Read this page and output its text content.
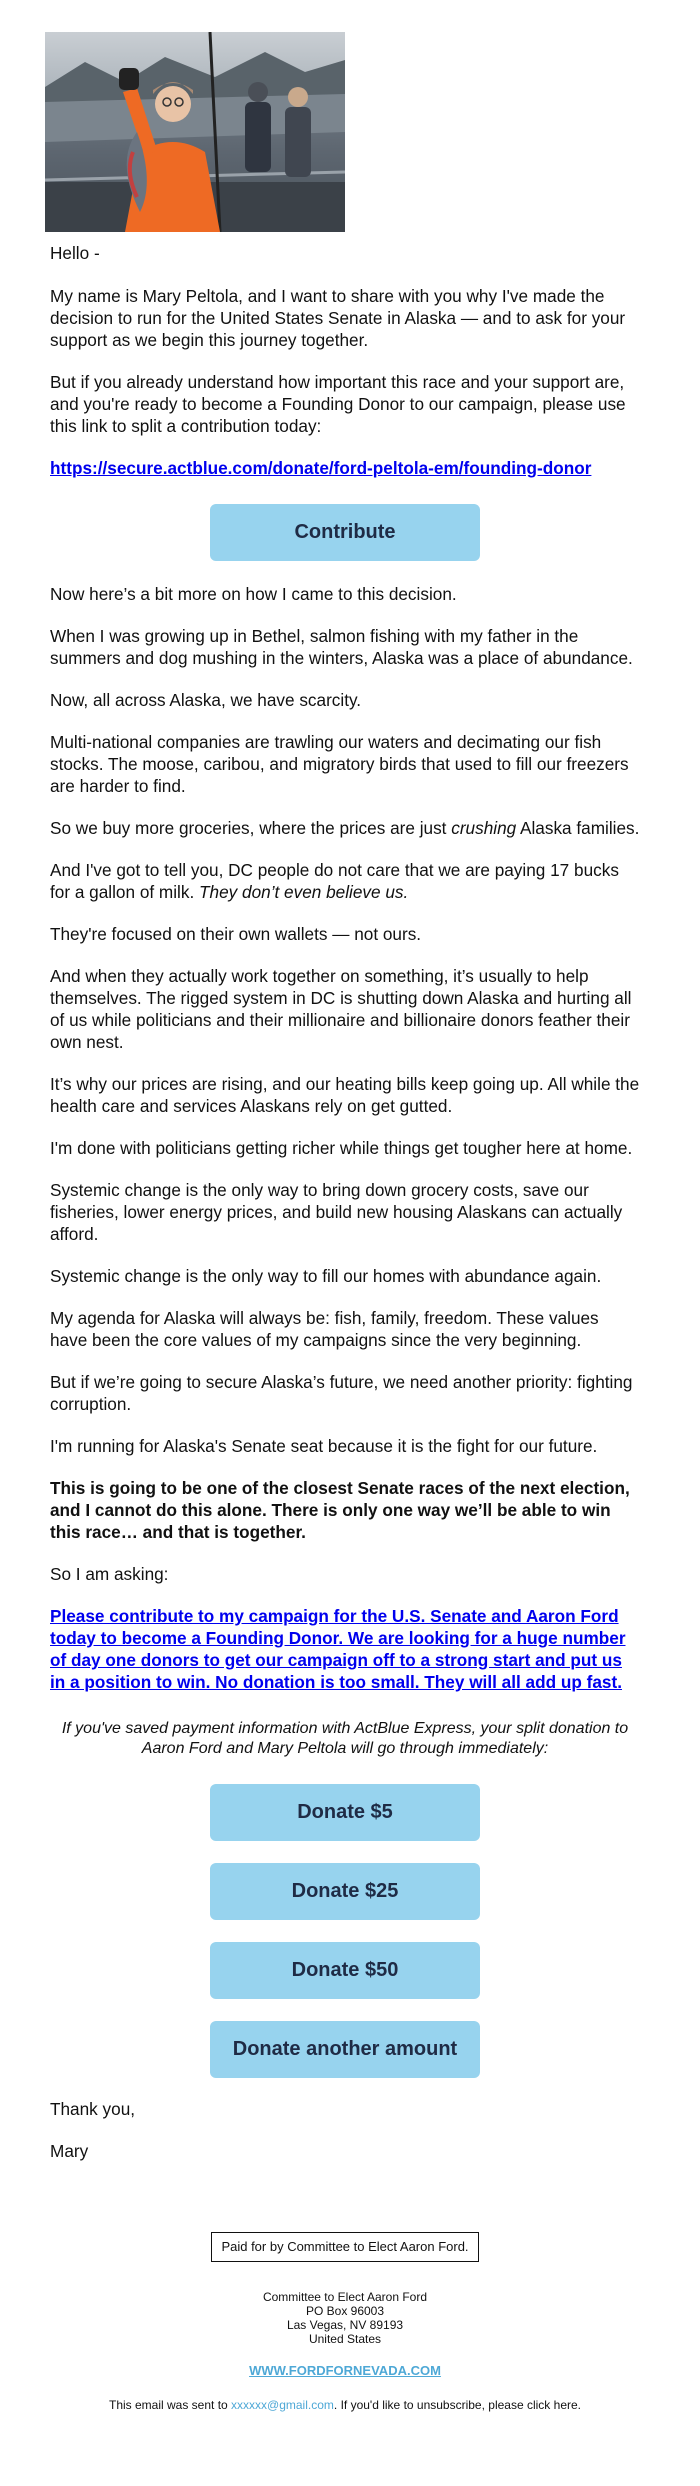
Hello -

My name is Mary Peltola, and I want to share with you why I've made the decision to run for the United States Senate in Alaska — and to ask for your support as we begin this journey together.

But if you already understand how important this race and your support are, and you're ready to become a Founding Donor to our campaign, please use this link to split a contribution today:

https://secure.actblue.com/donate/ford-peltola-em/founding-donor

Contribute

Now here’s a bit more on how I came to this decision.

When I was growing up in Bethel, salmon fishing with my father in the summers and dog mushing in the winters, Alaska was a place of abundance.

Now, all across Alaska, we have scarcity.

Multi-national companies are trawling our waters and decimating our fish stocks. The moose, caribou, and migratory birds that used to fill our freezers are harder to find.

So we buy more groceries, where the prices are just crushing Alaska families.

And I've got to tell you, DC people do not care that we are paying 17 bucks for a gallon of milk. They don’t even believe us.

They're focused on their own wallets — not ours.

And when they actually work together on something, it’s usually to help themselves. The rigged system in DC is shutting down Alaska and hurting all of us while politicians and their millionaire and billionaire donors feather their own nest.

It’s why our prices are rising, and our heating bills keep going up. All while the health care and services Alaskans rely on get gutted.

I'm done with politicians getting richer while things get tougher here at home.

Systemic change is the only way to bring down grocery costs, save our fisheries, lower energy prices, and build new housing Alaskans can actually afford.

Systemic change is the only way to fill our homes with abundance again.

My agenda for Alaska will always be: fish, family, freedom. These values have been the core values of my campaigns since the very beginning.

But if we’re going to secure Alaska’s future, we need another priority: fighting corruption.

I'm running for Alaska's Senate seat because it is the fight for our future.

This is going to be one of the closest Senate races of the next election, and I cannot do this alone. There is only one way we’ll be able to win this race… and that is together.

So I am asking:

Please contribute to my campaign for the U.S. Senate and Aaron Ford today to become a Founding Donor. We are looking for a huge number of day one donors to get our campaign off to a strong start and put us in a position to win. No donation is too small. They will all add up fast.

If you've saved payment information with ActBlue Express, your split donation to Aaron Ford and Mary Peltola will go through immediately:

Donate $5
Donate $25
Donate $50
Donate another amount

Thank you,

Mary

Paid for by Committee to Elect Aaron Ford.
Committee to Elect Aaron Ford
PO Box 96003
Las Vegas, NV 89193
United States
WWW.FORDFORNEVADA.COM
This email was sent to xxxxxx@gmail.com. If you'd like to unsubscribe, please click here.
